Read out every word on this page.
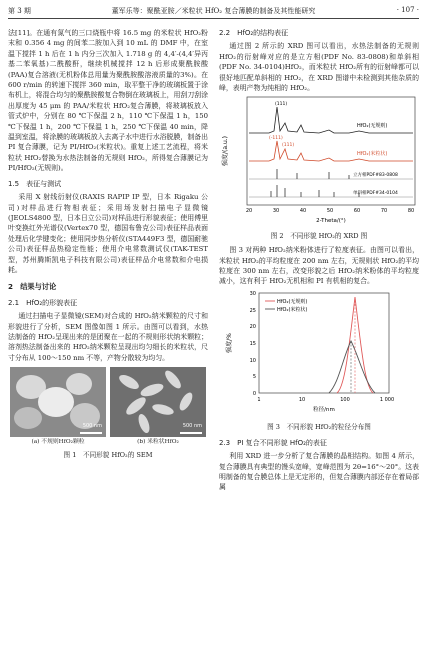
第 3 期	董军乐等：聚酰亚胺／米粒状 HfO₂ 复合薄膜的制备及其性能研究	· 107 ·

法[11]。在通有氮气的三口烧瓶中将 16.5 mg 的米粒状 HfO₂粉末和 0.356 4 mg 的间苯二胺加入到 10 mL 的 DMF 中，在室温下搅拌 1 h 后在 1 h 内分三次加入 1.718 g 的 4,4′-(4,4′异丙基二苯氧基)二酰酸酐，继续机械搅拌 12 h 后形成聚酰胺酸(PAA)复合溶液(无机粉体总用量为聚酰胺酸溶液质量的3%)。在 600 r/min 的转速下搅拌 360 min，取平整干净的玻璃板置于涂布机上，将混合均匀的聚酰胺酸复合物倒在玻璃板上，用刮刀刮涂出厚度为 45 μm 的 PAA/米粒状 HfO₂复合薄膜，将玻璃板放入管式炉中，分别在 80 ℃下保温 2 h，110 ℃下保温 1 h，150 ℃下保温 1 h，200 ℃下保温 1 h，250 ℃下保温 40 min，降温到室温，将涂膜的玻璃板放入去离子水中进行水浴脱膜，制备出 PI 复合薄膜，记为 PI/HfO₂(米粒状)。重复上述工艺流程，将米粒状 HfO₂替换为水热法制备的无规则 HfO₂，所得复合薄膜记为 PI/HfO₂(无规则)。

1.5　表征与测试

采用 X 射线衍射仪(RAXIS RAPIP IP 型，日本 Rigaku 公司)对样品进行物相表征；采用场发射扫描电子显微镜(JEOLS4800 型，日本日立公司)对样品进行形貌表征；使用傅里叶变换红外光谱仪(Vertex70 型，德国布鲁克公司)表征样品表面处理后化学键变化；使用同步热分析仪(STA449F3 型，德国耐驰公司)表征样品热稳定性能；使用介电常数测试仪(TAK-TEST 型，苏州腾斯凯电子科技有限公司)表征样品介电常数和介电损耗。

2　结果与讨论
2.1　HfO₂的形貌表征

通过扫描电子显微镜(SEM)对合成的 HfO₂纳米颗粒的尺寸和形貌进行了分析，SEM 图像如图 1 所示。由图可以看到，水热法制备的 HfO₂呈现出来的是团聚在一起的不规则形状纳米颗粒；溶剂热法制备出来的 HfO₂纳米颗粒呈现出均匀细长的米粒状，尺寸分布从 100～150 nm 不等，产物分散较为均匀。

500 nm	500 nm
(a) 不规则HfO₂颗粒	(b) 米粒状HfO₂
图 1　不同形貌 HfO₂的 SEM
2.2　HfO₂的结构表征

通过图 2 所示的 XRD 图可以看出，水热法制备的无规则 HfO₂的衍射峰对应的是立方相(PDF No. 83-0808)和单斜相(PDF No. 34-0104)HfO₂，而米粒状 HfO₂所有的衍射峰都可以很好地匹配单斜相的 HfO₂，在 XRD 图谱中未检测到其他杂质的峰，表明产物为纯相的 HfO₂。

强度/(a.u.)
(111)
(-111)
(111)
HfO₂(无规则)
HfO₂(米粒状)
立方相PDF#83-0808
单斜相PDF#34-0104
20	30	40	50	60	70	80
2-Theta/(°)
图 2　不同形貌 HfO₂的 XRD 图

图 3 对两种 HfO₂纳米粉体进行了粒度表征。由图可以看出，米粒状 HfO₂的平均粒度在 200 nm 左右，无规则状 HfO₂的平均粒度在 300 nm 左右，改变形貌之后 HfO₂纳米粉体的平均粒度减小，这有利于 HfO₂无机相和 PI 有机相的复合。

强度/%
0
5
10
15
20
25
30
HfO₂(无规则)
HfO₂(米粒状)
1	10	100	1 000
粒径/nm
图 3　不同形貌 HfO₂的粒径分布图
2.3　PI 复合不同形貌 HfO₂的表征

利用 XRD 进一步分析了复合薄膜的晶相结构。如图 4 所示，复合薄膜具有典型的馒头宽峰，宽峰范围为 2θ=16°～20°。这表明制备的复合膜总体上是无定形的，但复合薄膜内部还存在着局部属
